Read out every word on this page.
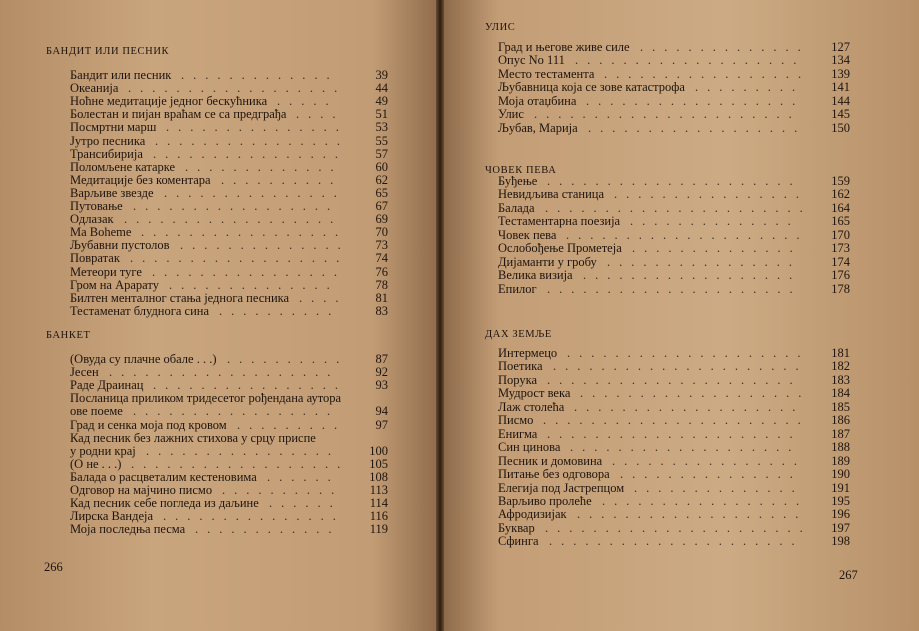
БАНДИТ ИЛИ ПЕСНИК
Бандит или песник .............	39
Океанија ..................	44
Ноћне медитације једног бескућника .....	49
Болестан и пијан враћам се са предграђа ....	51
Посмртни марш ...............	53
Јутро песника ................	55
Трансибирија ................	57
Поломљене катарке .............	60
Медитације без коментара ..........	62
Варљиве звезде ...............	65
Путовање .................	67
Одлазак ..................	69
Ma Boheme .................	70
Љубавни пустолов ..............	73
Повратак ..................	74
Метеори туге ................	76
Гром на Арарату ..............	78
Билтен менталног стања једнога песника ....	81
Тестаменат блуднога сина ..........	83
БАНКЕТ
(Овуда су плачне обале . . .) ..........	87
Јесен ...................	92
Раде Драинац ................	93
Посланица приликом тридесетог рођендана аутора
ове поеме .................	94
Град и сенка моја под кровом .........	97
Кад песник без лажних стихова у срцу приспе
у родни крај ................	100
(О не . . .) ..................	105
Балада о расцветалим кестеновима ......	108
Одговор на мајчино писмо ..........	113
Кад песник себе погледа из даљине ......	114
Лирска Вандеја ...............	116
Моја последња песма ............	119
266
УЛИС
Град и његове живе силе ..............	127
Опус No 111 ...................	134
Место тестамента .................	139
Љубавница која се зове катастрофа .........	141
Моја отаџбина ..................	144
Улис ......................	145
Љубав, Марија ..................	150
ЧОВЕК ПЕВА
Буђење .....................	159
Невидљива станица ................	162
Балада ......................	164
Тестаментарна поезија ..............	165
Човек пева ....................	170
Ослобођење Прометеја ..............	173
Дијаманти у гробу ................	174
Велика визија ..................	176
Епилог .....................	178
ДАХ ЗЕМЉЕ
Интермецо ....................	181
Поетика .....................	182
Порука .....................	183
Мудрост века ...................	184
Лаж столећа ...................	185
Писмо ......................	186
Енигма .....................	187
Син цинова ...................	188
Песник и домовина ................	189
Питање без одговора ...............	190
Елегија под Јастрепцом ..............	191
Варљиво пролеће .................	195
Афродизијак ...................	196
Буквар ......................	197
Сфинга .....................	198
267
